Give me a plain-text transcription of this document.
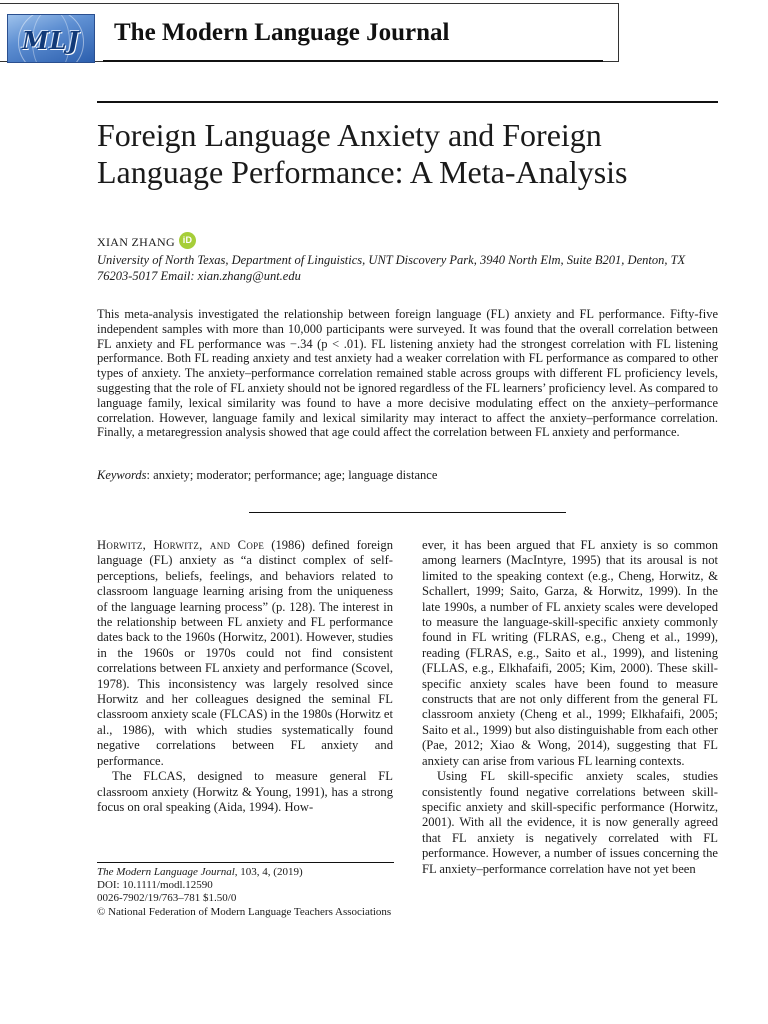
MLJ	The Modern Language Journal
Foreign Language Anxiety and Foreign Language Performance: A Meta-Analysis
XIAN ZHANG iD
University of North Texas, Department of Linguistics, UNT Discovery Park, 3940 North Elm, Suite B201, Denton, TX 76203-5017 Email: xian.zhang@unt.edu

This meta-analysis investigated the relationship between foreign language (FL) anxiety and FL performance. Fifty-five independent samples with more than 10,000 participants were surveyed. It was found that the overall correlation between FL anxiety and FL performance was −.34 (p < .01). FL listening anxiety had the strongest correlation with FL listening performance. Both FL reading anxiety and test anxiety had a weaker correlation with FL performance as compared to other types of anxiety. The anxiety–performance correlation remained stable across groups with different FL proficiency levels, suggesting that the role of FL anxiety should not be ignored regardless of the FL learners’ proficiency level. As compared to language family, lexical similarity was found to have a more decisive modulating effect on the anxiety–performance correlation. However, language family and lexical similarity may interact to affect the anxiety–performance correlation. Finally, a metaregression analysis showed that age could affect the correlation between FL anxiety and performance.

Keywords: anxiety; moderator; performance; age; language distance

Horwitz, Horwitz, and Cope (1986) defined foreign language (FL) anxiety as “a distinct complex of self-perceptions, beliefs, feelings, and behaviors related to classroom language learning arising from the uniqueness of the language learning process” (p. 128). The interest in the relationship between FL anxiety and FL performance dates back to the 1960s (Horwitz, 2001). However, studies in the 1960s or 1970s could not find consistent correlations between FL anxiety and performance (Scovel, 1978). This inconsistency was largely resolved since Horwitz and her colleagues designed the seminal FL classroom anxiety scale (FLCAS) in the 1980s (Horwitz et al., 1986), with which studies systematically found negative correlations between FL anxiety and performance.

The FLCAS, designed to measure general FL classroom anxiety (Horwitz & Young, 1991), has a strong focus on oral speaking (Aida, 1994). How-

ever, it has been argued that FL anxiety is so common among learners (MacIntyre, 1995) that its arousal is not limited to the speaking context (e.g., Cheng, Horwitz, & Schallert, 1999; Saito, Garza, & Horwitz, 1999). In the late 1990s, a number of FL anxiety scales were developed to measure the language-skill-specific anxiety commonly found in FL writing (FLRAS, e.g., Cheng et al., 1999), reading (FLRAS, e.g., Saito et al., 1999), and listening (FLLAS, e.g., Elkhafaifi, 2005; Kim, 2000). These skill-specific anxiety scales have been found to measure constructs that are not only different from the general FL classroom anxiety (Cheng et al., 1999; Elkhafaifi, 2005; Saito et al., 1999) but also distinguishable from each other (Pae, 2012; Xiao & Wong, 2014), suggesting that FL anxiety can arise from various FL learning contexts.

Using FL skill-specific anxiety scales, studies consistently found negative correlations between skill-specific anxiety and skill-specific performance (Horwitz, 2001). With all the evidence, it is now generally agreed that FL anxiety is negatively correlated with FL performance. However, a number of issues concerning the FL anxiety–performance correlation have not yet been

The Modern Language Journal, 103, 4, (2019)
DOI: 10.1111/modl.12590
0026-7902/19/763–781 $1.50/0
© National Federation of Modern Language Teachers Associations
